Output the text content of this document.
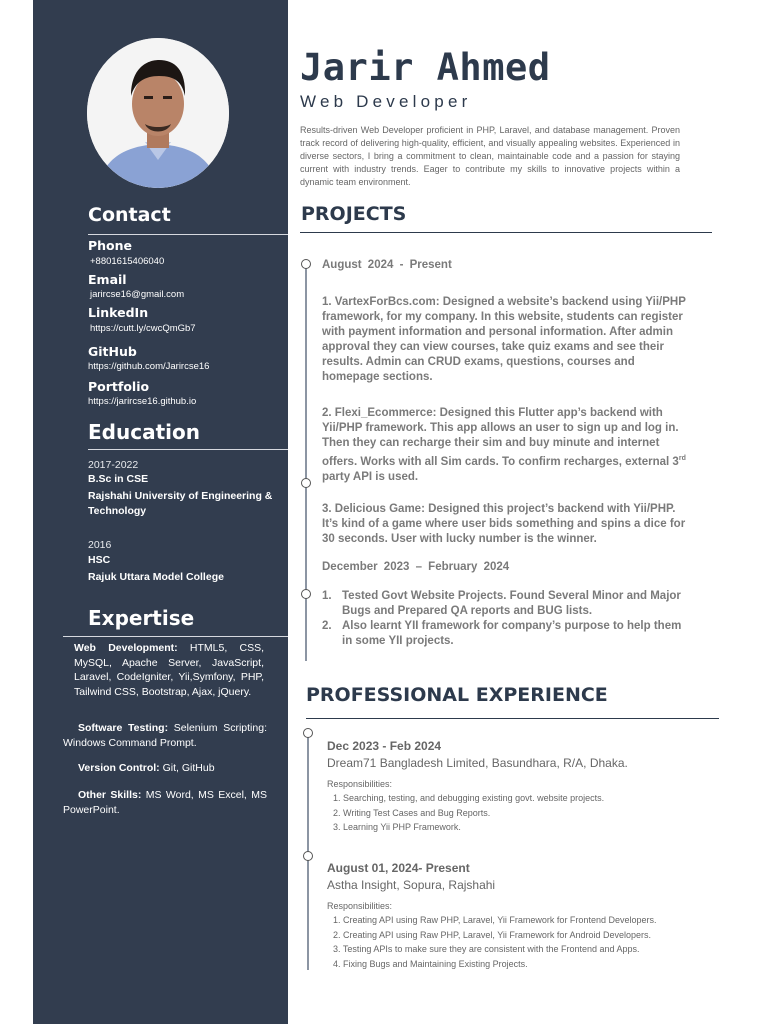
Contact
Phone
+8801615406040
Email
jarircse16@gmail.com
LinkedIn
https://cutt.ly/cwcQmGb7
GitHub
https://github.com/Jarircse16
Portfolio
https://jarircse16.github.io
Education
2017-2022
B.Sc in CSE
Rajshahi University of Engineering & Technology
2016
HSC
Rajuk Uttara Model College
Expertise
Web Development: HTML5, CSS, MySQL, Apache Server, JavaScript, Laravel, CodeIgniter, Yii,Symfony, PHP, Tailwind CSS, Bootstrap, Ajax, jQuery.
Software Testing: Selenium Scripting: Windows Command Prompt.
Version Control: Git, GitHub
Other Skills: MS Word, MS Excel, MS PowerPoint.
Jarir Ahmed
Web Developer
Results-driven Web Developer proficient in PHP, Laravel, and database management. Proven track record of delivering high-quality, efficient, and visually appealing websites. Experienced in diverse sectors, I bring a commitment to clean, maintainable code and a passion for staying current with industry trends. Eager to contribute my skills to innovative projects within a dynamic team environment.
PROJECTS
August 2024 - Present
1. VartexForBcs.com: Designed a website’s backend using Yii/PHP framework, for my company. In this website, students can register with payment information and personal information. After admin approval they can view courses, take quiz exams and see their results. Admin can CRUD exams, questions, courses and homepage sections.
2. Flexi_Ecommerce: Designed this Flutter app’s backend with Yii/PHP framework. This app allows an user to sign up and log in. Then they can recharge their sim and buy minute and internet offers. Works with all Sim cards. To confirm recharges, external 3rd party API is used.
3. Delicious Game: Designed this project’s backend with Yii/PHP. It’s kind of a game where user bids something and spins a dice for 30 seconds. User with lucky number is the winner.
December 2023 – February 2024
1. Tested Govt Website Projects. Found Several Minor and Major Bugs and Prepared QA reports and BUG lists.
2. Also learnt YII framework for company’s purpose to help them in some YII projects.
PROFESSIONAL EXPERIENCE
Dec 2023 - Feb 2024
Dream71 Bangladesh Limited, Basundhara, R/A, Dhaka.
Responsibilities:
1. Searching, testing, and debugging existing govt. website projects.
2. Writing Test Cases and Bug Reports.
3. Learning Yii PHP Framework.
August 01, 2024- Present
Astha Insight, Sopura, Rajshahi
Responsibilities:
1. Creating API using Raw PHP, Laravel, Yii Framework for Frontend Developers.
2. Creating API using Raw PHP, Laravel, Yii Framework for Android Developers.
3. Testing APIs to make sure they are consistent with the Frontend and Apps.
4. Fixing Bugs and Maintaining Existing Projects.
